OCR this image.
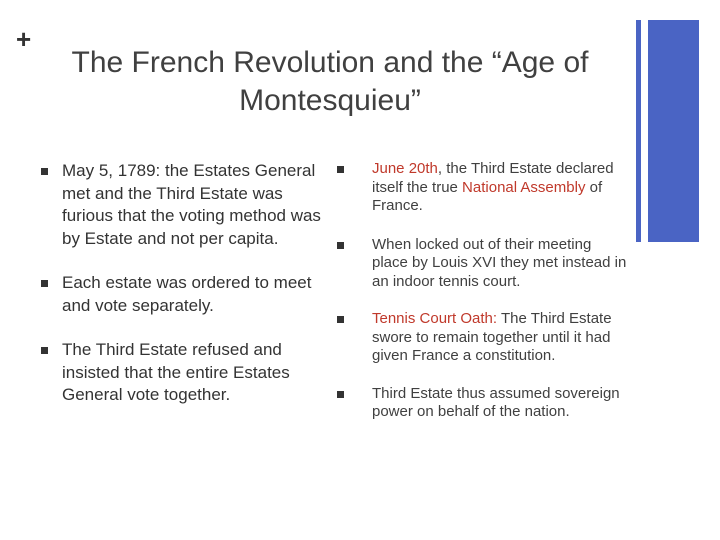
+
The French Revolution and the “Age of Montesquieu”
May 5, 1789: the Estates General met and the Third Estate was furious that the voting method was by Estate and not per capita.
Each estate was ordered to meet and vote separately.
The Third Estate refused and insisted that the entire Estates General vote together.
June 20th, the Third Estate declared itself the true National Assembly of France.
When locked out of their meeting place by Louis XVI they met instead in an indoor tennis court.
Tennis Court Oath: The Third Estate swore to remain together until it had given France a constitution.
Third Estate thus assumed sovereign power on behalf of the nation.
